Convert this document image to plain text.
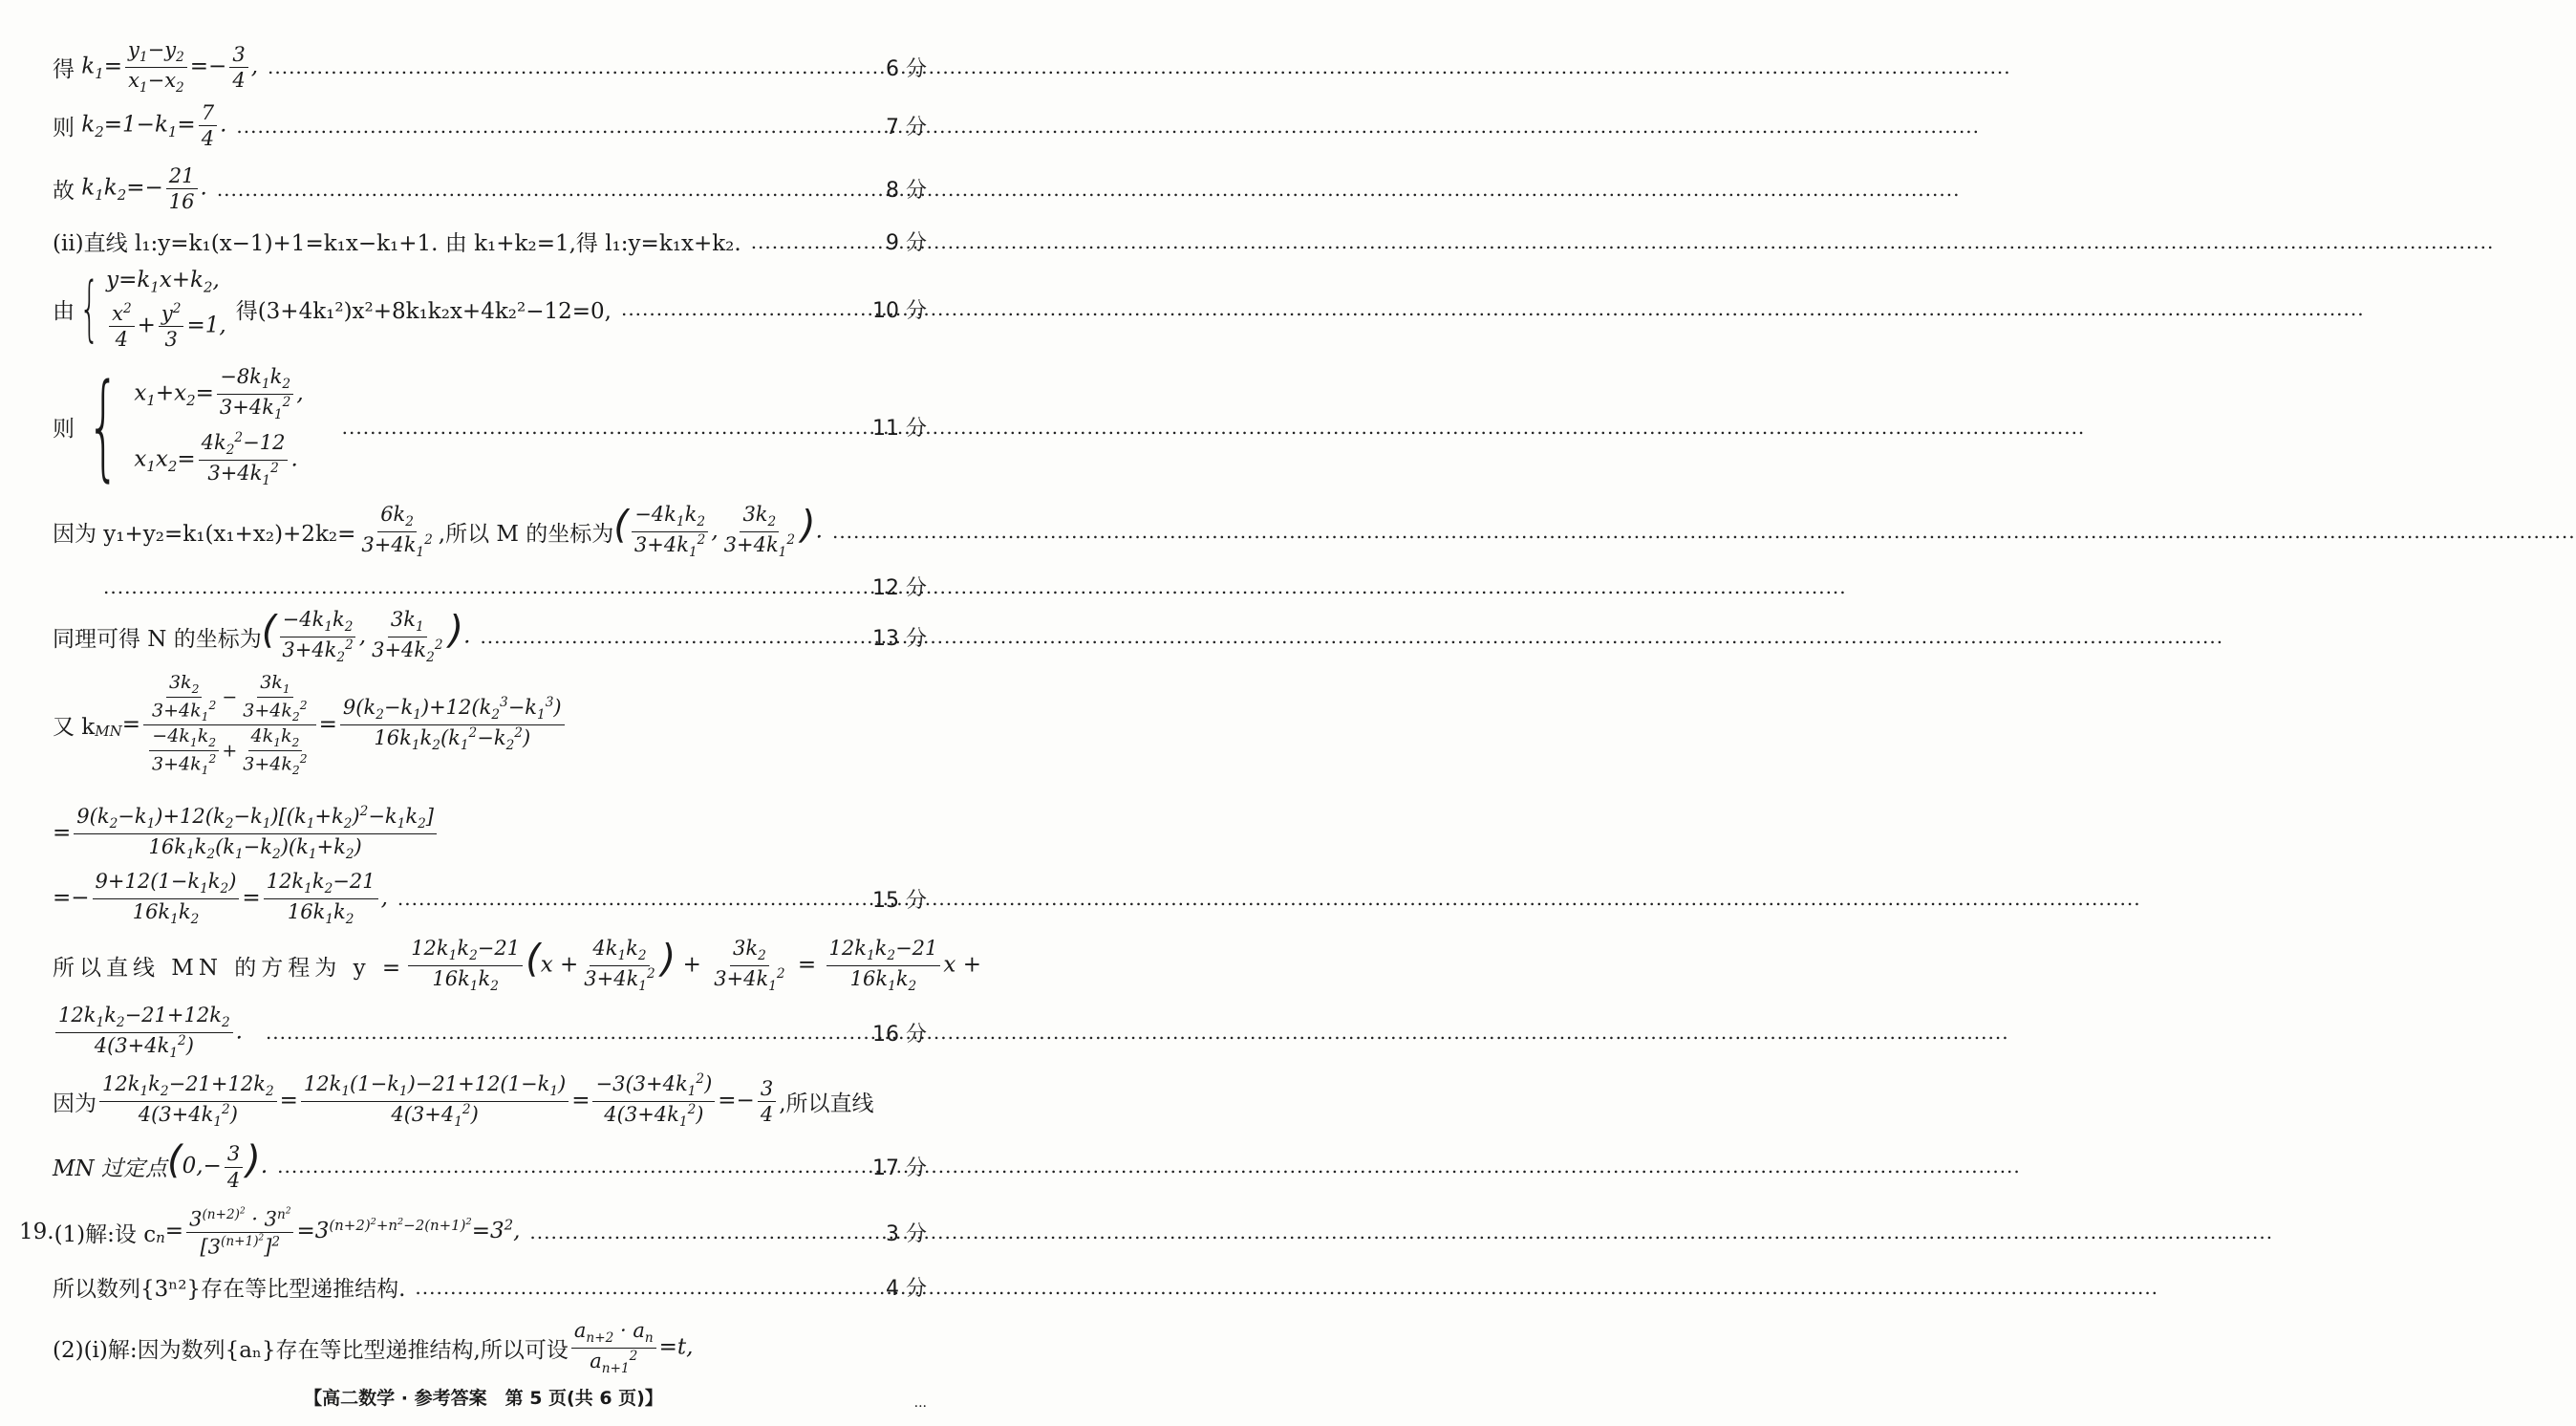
得 $k_1= \frac{y_1-y_2}{x_1-x_2} =- \frac{3}{4}$ , .....	6 分
则 $k_2=1-k_1= \frac{7}{4}$ . .....	7 分
故 $k_1k_2=- \frac{21}{16}$ . .....	8 分
(ⅱ)直线 l₁:y=k₁(x−1)+1=k₁x−k₁+1. 由 k₁+k₂=1,得 l₁:y=k₁x+k₂. .....	9 分
由 { $y=k_1x+k_2$,
$\frac{x^2}{4} + \frac{y^2}{3} =1$,
得(3+4k₁²)x²+8k₁k₂x+4k₂²−12=0, .....	10 分
则 { $x_1+x_2= \frac{-8k_1k_2}{3+4k_1^2}$ ,
$x_1x_2= \frac{4k_2^2-12}{3+4k_1^2}$ .
.....
11 分
因为 $y_1+y_2=k_1(x_1+x_2)+2k_2= \frac{6k_2}{3+4k_1^2}$ ,所以 M 的坐标为 ( $\frac{-4k_1k_2}{3+4k_1^2}$ , $\frac{3k_2}{3+4k_1^2}$ ).
.....
.....
12 分
同理可得 N 的坐标为 ( $\frac{-4k_1k_2}{3+4k_2^2}$ , $\frac{3k_1}{3+4k_2^2}$ ). .....	13 分
又 k MN = $\frac{\frac{3k_2}{3+4k_1^2} - \frac{3k_1}{3+4k_2^2}}{\frac{-4k_1k_2}{3+4k_1^2} + \frac{4k_1k_2}{3+4k_2^2}} = \frac{9(k_2-k_1)+12(k_2^3-k_1^3)}{16k_1k_2(k_1^2-k_2^2)}$
= $\frac{9(k_2-k_1)+12(k_2-k_1)[(k_1+k_2)^2-k_1k_2]}{16k_1k_2(k_1-k_2)(k_1+k_2)}$
=− $\frac{9+12(1-k_1k_2)}{16k_1k_2} = \frac{12k_1k_2-21}{16k_1k_2}$ , .....	15 分
所以直线 MN 的方程为 $y = \frac{12k_1k_2-21}{16k_1k_2} (x + \frac{4k_1k_2}{3+4k_1^2}$ ) + $\frac{3k_2}{3+4k_1^2} = \frac{12k_1k_2-21}{16k_1k_2}$ x +
$\frac{12k_1k_2-21+12k_2}{4(3+4k_1^2)}$ . .....	16 分
因为 $\frac{12k_1k_2-21+12k_2}{4(3+4k_1^2)} = \frac{12k_1(1-k_1)-21+12(1-k_1)}{4(3+4_1^2)} = \frac{-3(3+4k_1^2)}{4(3+4k_1^2)} =- \frac{3}{4}$ ,所以直线
MN 过定点 ($0,- \frac{3}{4}$ ). .....	17 分
19. (1)解:设 c $n = \frac{3^{(n+2)^2} \cdot 3^{n^2}}{[3^{(n+1)^2}]^2} =3^{(n+2)^2+n^2-2(n+1)^2}=3^2$, .....	3 分
所以数列{3ⁿ²}存在等比型递推结构. .....	4 分
(2)(ⅰ)解:因为数列{aₙ}存在等比型递推结构,所以可设 $\frac{a_{n+2} \cdot a_n}{a_{n+1}^2} =t$,
【高二数学 · 参考答案　第 5 页(共 6 页)】	...
